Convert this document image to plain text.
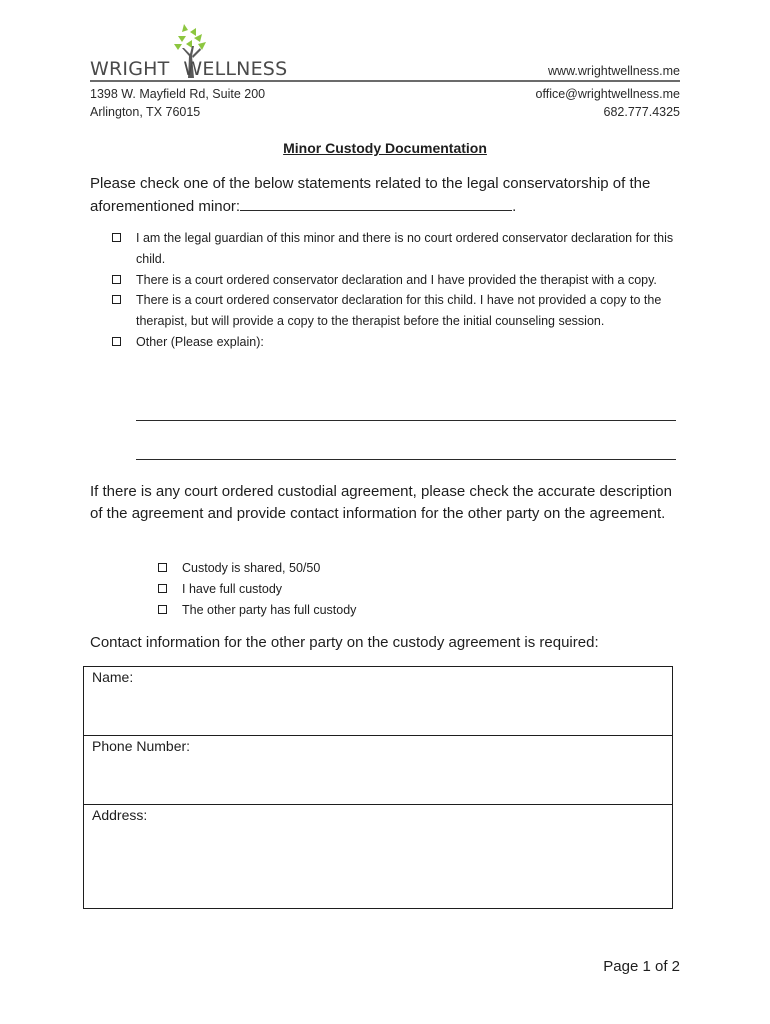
WRIGHT WELLNESS	www.wrightwellness.me
1398 W. Mayfield Rd, Suite 200
Arlington, TX 76015
office@wrightwellness.me
682.777.4325
Minor Custody Documentation
Please check one of the below statements related to the legal conservatorship of the aforementioned minor:	.
I am the legal guardian of this minor and there is no court ordered conservator declaration for this child.
There is a court ordered conservator declaration and I have provided the therapist with a copy.
There is a court ordered conservator declaration for this child. I have not provided a copy to the therapist, but will provide a copy to the therapist before the initial counseling session.
Other (Please explain):
If there is any court ordered custodial agreement, please check the accurate description of the agreement and provide contact information for the other party on the agreement.
Custody is shared, 50/50
I have full custody
The other party has full custody
Contact information for the other party on the custody agreement is required:
Name:
Phone Number:
Address:
Page 1 of 2
